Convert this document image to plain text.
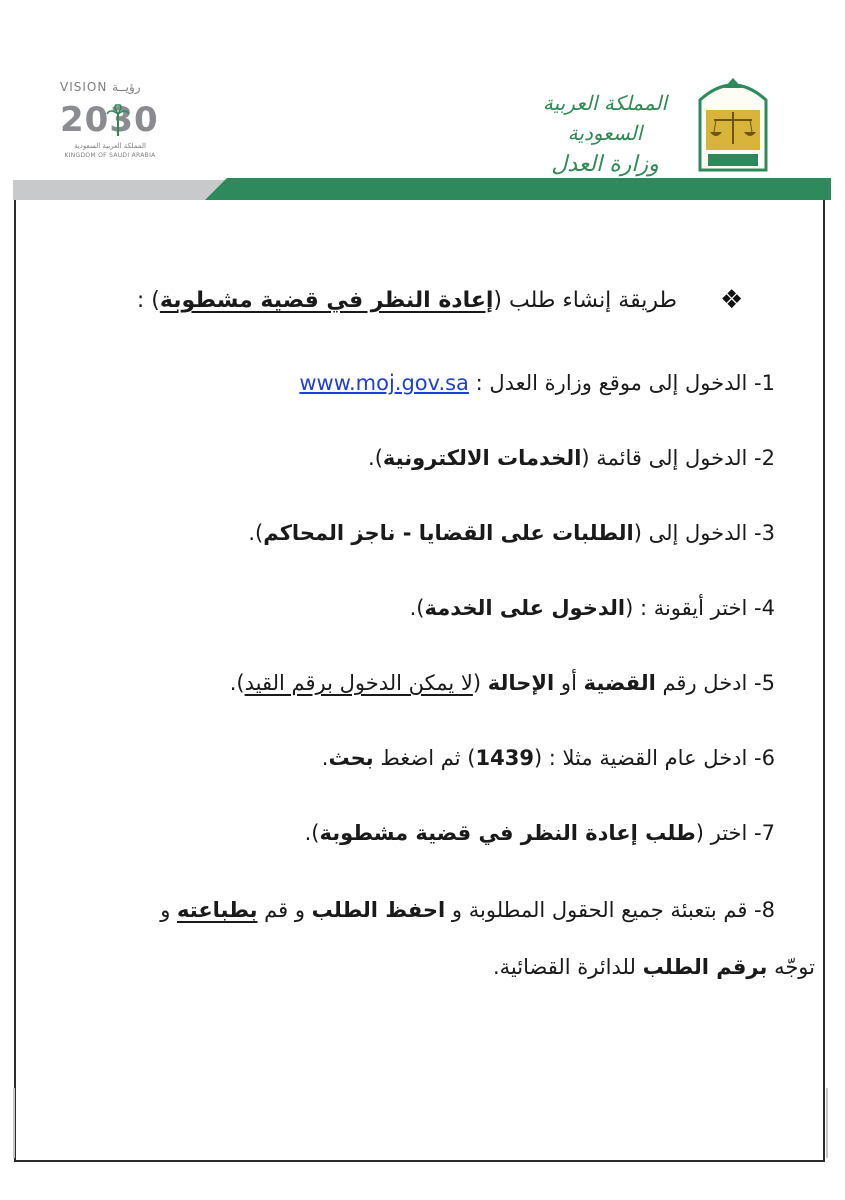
VISION رؤيــة
2030
المملكة العربية السعودية
KINGDOM OF SAUDI ARABIA
المملكة العربية السعودية
وزارة العدل
❖
طريقة إنشاء طلب (إعادة النظر في قضية مشطوبة) :
1- الدخول إلى موقع وزارة العدل : www.moj.gov.sa
2- الدخول إلى قائمة (الخدمات الالكترونية).
3- الدخول إلى (الطلبات على القضايا - ناجز المحاكم).
4- اختر أيقونة : (الدخول على الخدمة).
5- ادخل رقم القضية أو الإحالة (لا يمكن الدخول برقم القيد).
6- ادخل عام القضية مثلا : (1439) ثم اضغط بحث.
7- اختر (طلب إعادة النظر في قضية مشطوبة).
8- قم بتعبئة جميع الحقول المطلوبة و احفظ الطلب و قم بطباعته و
توجّه برقم الطلب للدائرة القضائية.
